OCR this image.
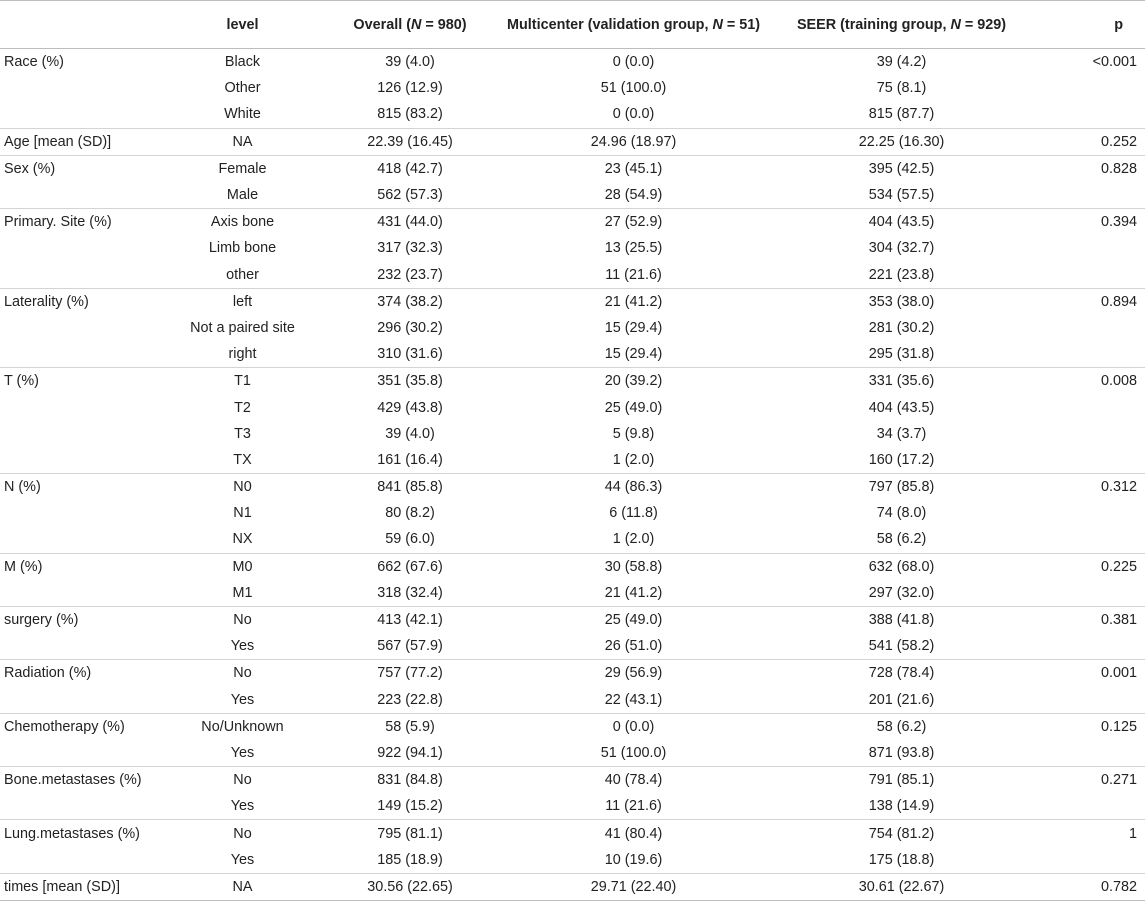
	level	Overall (N = 980)	Multicenter (validation group, N = 51)	SEER (training group, N = 929)	p
Race (%)	Black	39 (4.0)	0 (0.0)	39 (4.2)	<0.001
	Other	126 (12.9)	51 (100.0)	75 (8.1)	
	White	815 (83.2)	0 (0.0)	815 (87.7)	
Age [mean (SD)]	NA	22.39 (16.45)	24.96 (18.97)	22.25 (16.30)	0.252
Sex (%)	Female	418 (42.7)	23 (45.1)	395 (42.5)	0.828
	Male	562 (57.3)	28 (54.9)	534 (57.5)	
Primary. Site (%)	Axis bone	431 (44.0)	27 (52.9)	404 (43.5)	0.394
	Limb bone	317 (32.3)	13 (25.5)	304 (32.7)	
	other	232 (23.7)	11 (21.6)	221 (23.8)	
Laterality (%)	left	374 (38.2)	21 (41.2)	353 (38.0)	0.894
	Not a paired site	296 (30.2)	15 (29.4)	281 (30.2)	
	right	310 (31.6)	15 (29.4)	295 (31.8)	
T (%)	T1	351 (35.8)	20 (39.2)	331 (35.6)	0.008
	T2	429 (43.8)	25 (49.0)	404 (43.5)	
	T3	39 (4.0)	5 (9.8)	34 (3.7)	
	TX	161 (16.4)	1 (2.0)	160 (17.2)	
N (%)	N0	841 (85.8)	44 (86.3)	797 (85.8)	0.312
	N1	80 (8.2)	6 (11.8)	74 (8.0)	
	NX	59 (6.0)	1 (2.0)	58 (6.2)	
M (%)	M0	662 (67.6)	30 (58.8)	632 (68.0)	0.225
	M1	318 (32.4)	21 (41.2)	297 (32.0)	
surgery (%)	No	413 (42.1)	25 (49.0)	388 (41.8)	0.381
	Yes	567 (57.9)	26 (51.0)	541 (58.2)	
Radiation (%)	No	757 (77.2)	29 (56.9)	728 (78.4)	0.001
	Yes	223 (22.8)	22 (43.1)	201 (21.6)	
Chemotherapy (%)	No/Unknown	58 (5.9)	0 (0.0)	58 (6.2)	0.125
	Yes	922 (94.1)	51 (100.0)	871 (93.8)	
Bone.metastases (%)	No	831 (84.8)	40 (78.4)	791 (85.1)	0.271
	Yes	149 (15.2)	11 (21.6)	138 (14.9)	
Lung.metastases (%)	No	795 (81.1)	41 (80.4)	754 (81.2)	1
	Yes	185 (18.9)	10 (19.6)	175 (18.8)	
times [mean (SD)]	NA	30.56 (22.65)	29.71 (22.40)	30.61 (22.67)	0.782
